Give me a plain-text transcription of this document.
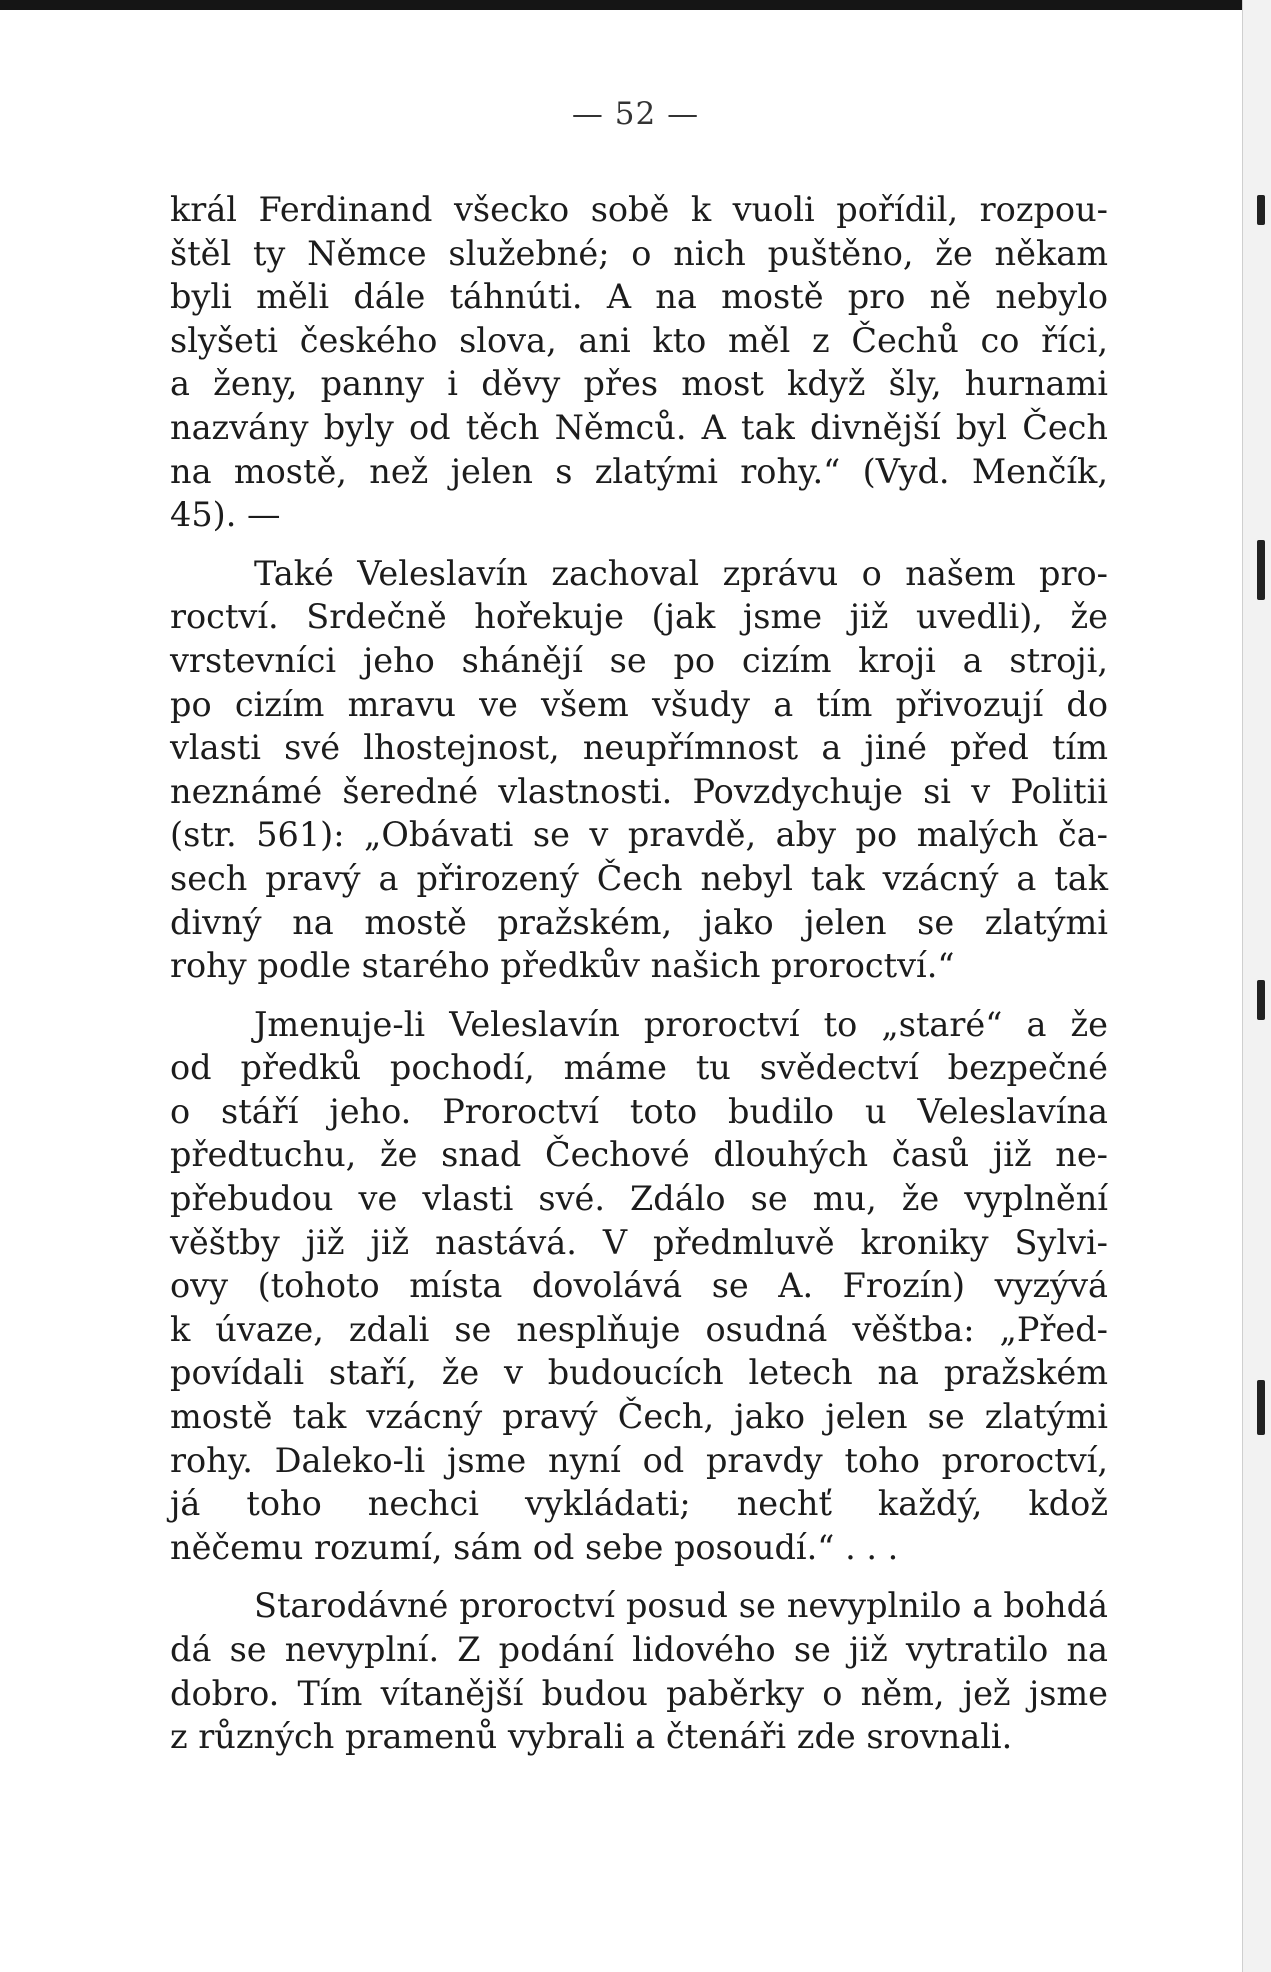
— 52 —

král Ferdinand všecko sobě k vuoli pořídil, rozpou-
štěl ty Němce služebné; o nich puštěno, že někam
byli měli dále táhnúti. A na mostě pro ně nebylo
slyšeti českého slova, ani kto měl z Čechů co říci,
a ženy, panny i děvy přes most když šly, hurnami
nazvány byly od těch Němců. A tak divnější byl Čech
na mostě, než jelen s zlatými rohy.“ (Vyd. Menčík,
45). —

Také Veleslavín zachoval zprávu o našem pro-
roctví. Srdečně hořekuje (jak jsme již uvedli), že
vrstevníci jeho shánějí se po cizím kroji a stroji,
po cizím mravu ve všem všudy a tím přivozují do
vlasti své lhostejnost, neupřímnost a jiné před tím
neznámé šeredné vlastnosti. Povzdychuje si v Politii
(str. 561): „Obávati se v pravdě, aby po malých ča-
sech pravý a přirozený Čech nebyl tak vzácný a tak
divný na mostě pražském, jako jelen se zlatými
rohy podle starého předkův našich proroctví.“

Jmenuje-li Veleslavín proroctví to „staré“ a že
od předků pochodí, máme tu svědectví bezpečné
o stáří jeho. Proroctví toto budilo u Veleslavína
předtuchu, že snad Čechové dlouhých časů již ne-
přebudou ve vlasti své. Zdálo se mu, že vyplnění
věštby již již nastává. V předmluvě kroniky Sylvi-
ovy (tohoto místa dovolává se A. Frozín) vyzývá
k úvaze, zdali se nesplňuje osudná věštba: „Před-
povídali staří, že v budoucích letech na pražském
mostě tak vzácný pravý Čech, jako jelen se zlatými
rohy. Daleko-li jsme nyní od pravdy toho proroctví,
já toho nechci vykládati; nechť každý, kdož
něčemu rozumí, sám od sebe posoudí.“ . . .

Starodávné proroctví posud se nevyplnilo a bohdá
dá se nevyplní. Z podání lidového se již vytratilo na
dobro. Tím vítanější budou paběrky o něm, jež jsme
z různých pramenů vybrali a čtenáři zde srovnali.
